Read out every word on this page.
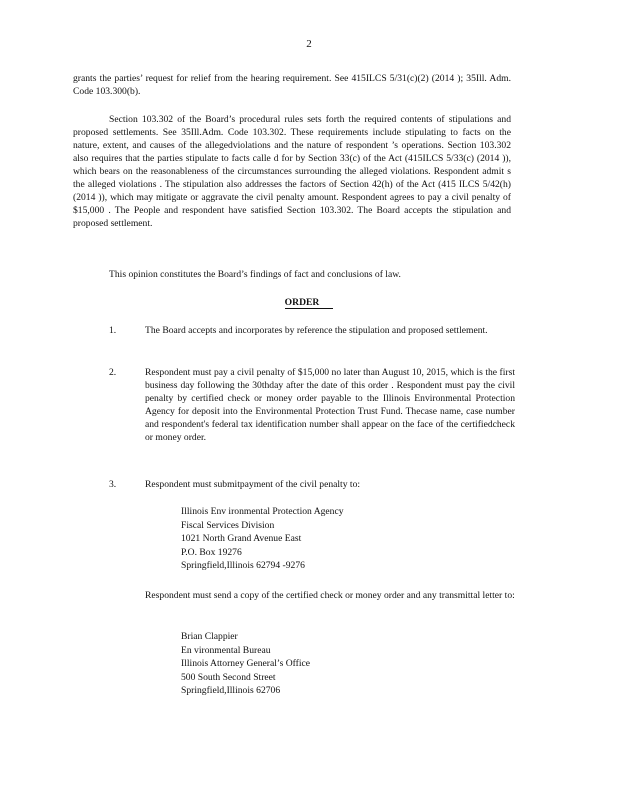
2

grants the parties’ request for relief from the hearing requirement. See 415ILCS 5/31(c)(2) (2014 ); 35Ill. Adm. Code 103.300(b).

Section 103.302 of the Board’s procedural rules sets forth the required contents of stipulations and proposed settlements. See 35Ill.Adm. Code 103.302. These requirements include stipulating to facts on the nature, extent, and causes of the allegedviolations and the nature of respondent ’s operations. Section 103.302 also requires that the parties stipulate to facts calle d for by Section 33(c) of the Act (415ILCS 5/33(c) (2014 )), which bears on the reasonableness of the circumstances surrounding the alleged violations. Respondent admit s the alleged violations . The stipulation also addresses the factors of Section 42(h) of the Act (415 ILCS 5/42(h) (2014 )), which may mitigate or aggravate the civil penalty amount. Respondent agrees to pay a civil penalty of $15,000 . The People and respondent have satisfied Section 103.302. The Board accepts the stipulation and proposed settlement.

This opinion constitutes the Board’s findings of fact and conclusions of law.

ORDER
1.	The Board accepts and incorporates by reference the stipulation and proposed settlement.
2.	Respondent must pay a civil penalty of $15,000 no later than August 10, 2015, which is the first business day following the 30thday after the date of this order . Respondent must pay the civil penalty by certified check or money order payable to the Illinois Environmental Protection Agency for deposit into the Environmental Protection Trust Fund. Thecase name, case number and respondent's federal tax identification number shall appear on the face of the certifiedcheck or money order.
3.	Respondent must submitpayment of the civil penalty to:
Illinois Env ironmental Protection Agency
Fiscal Services Division
1021 North Grand Avenue East
P.O. Box 19276
Springfield,Illinois 62794 -9276
Respondent must send a copy of the certified check or money order and any transmittal letter to:
Brian Clappier
En vironmental Bureau
Illinois Attorney General’s Office
500 South Second Street
Springfield,Illinois 62706
